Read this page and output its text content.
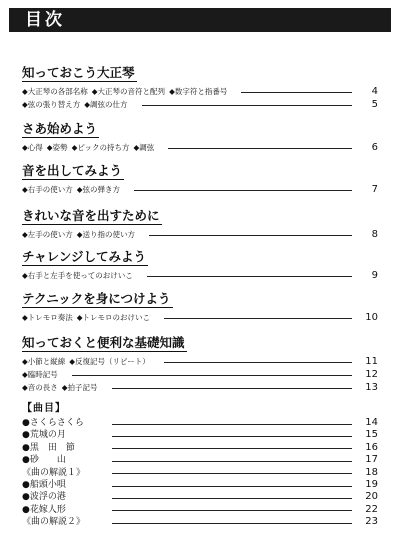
目次
知っておこう大正琴
◆大正琴の各部名称 ◆大正琴の音符と配列 ◆数字符と指番号	4
◆弦の張り替え方 ◆調弦の仕方	5
さあ始めよう
◆心得 ◆姿勢 ◆ピックの持ち方 ◆調弦	6
音を出してみよう
◆右手の使い方 ◆弦の弾き方	7
きれいな音を出すために
◆左手の使い方 ◆送り指の使い方	8
チャレンジしてみよう
◆右手と左手を使ってのおけいこ	9
テクニックを身につけよう
◆トレモロ奏法 ◆トレモロのおけいこ	10
知っておくと便利な基礎知識
◆小節と縦線 ◆反復記号（リピート）	11
◆臨時記号	12
◆音の長さ ◆拍子記号	13
【曲目】
●さくらさくら	14
●荒城の月	15
●黒　田　節	16
●砂　　山	17
《曲の解説１》	18
●船頭小唄	19
●波浮の港	20
●花嫁人形	22
《曲の解説２》	23
